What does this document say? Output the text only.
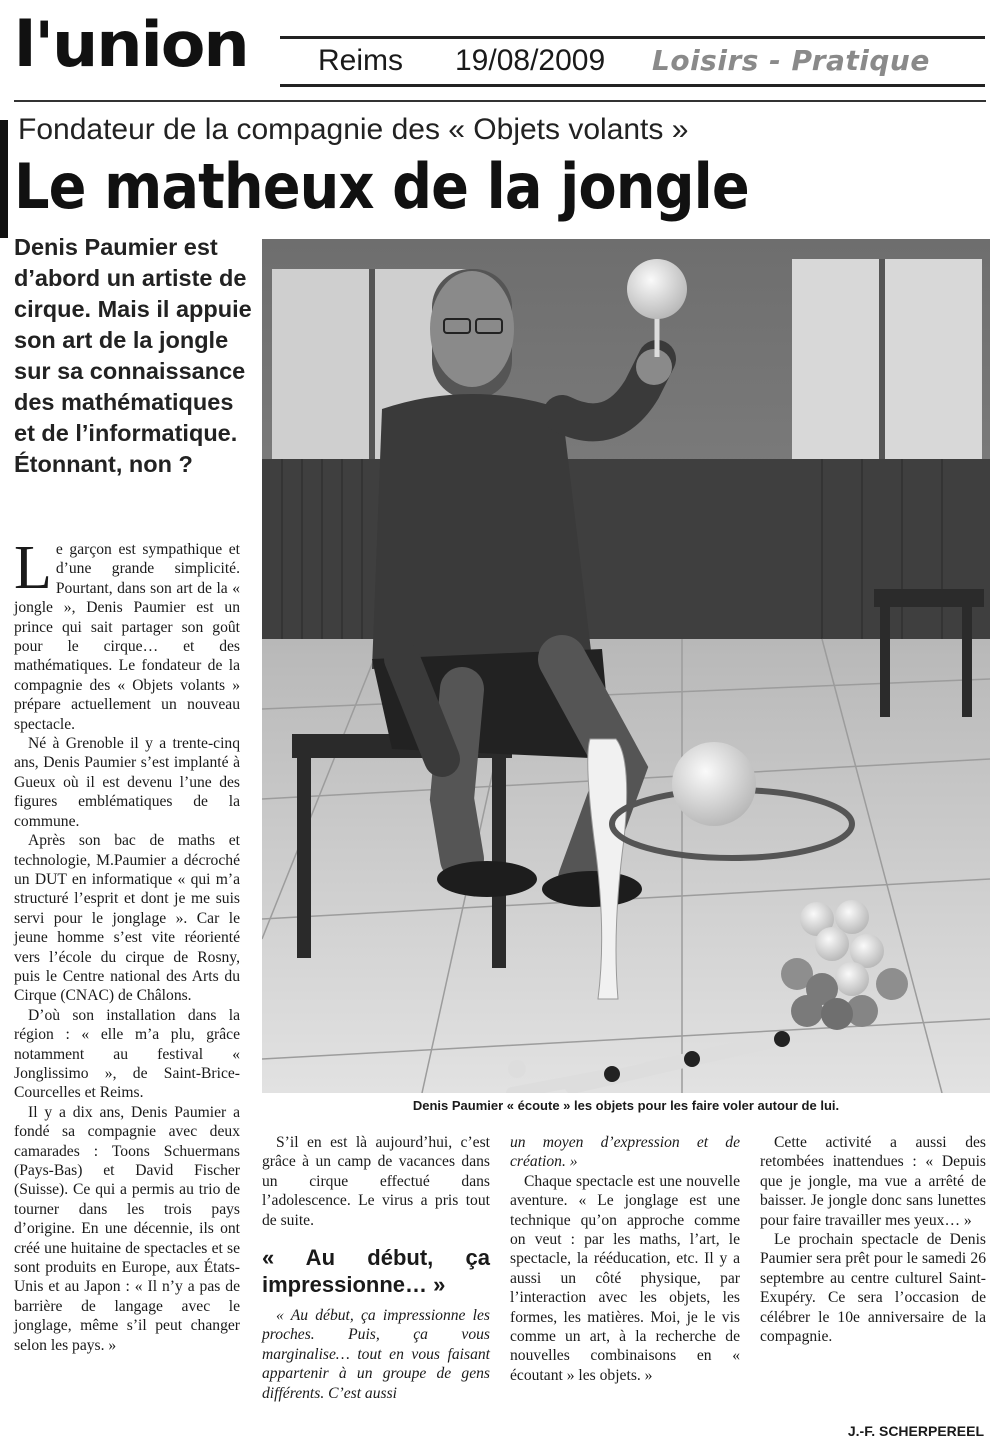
l'union Reims 19/08/2009 Loisirs - Pratique
Fondateur de la compagnie des « Objets volants »
Le matheux de la jongle

Denis Paumier est d’abord un artiste de cirque. Mais il appuie son art de la jongle sur sa connaissance des mathématiques et de l’informatique. Étonnant, non ?

Denis Paumier « écoute » les objets pour les faire voler autour de lui.

Le garçon est sympathique et d’une grande simplicité. Pourtant, dans son art de la « jongle », Denis Paumier est un prince qui sait partager son goût pour le cirque… et des mathématiques. Le fondateur de la compagnie des « Objets volants » prépare actuellement un nouveau spectacle.

Né à Grenoble il y a trente-cinq ans, Denis Paumier s’est implanté à Gueux où il est devenu l’une des figures emblématiques de la commune.

Après son bac de maths et technologie, M.Paumier a décroché un DUT en informatique « qui m’a structuré l’esprit et dont je me suis servi pour le jonglage ». Car le jeune homme s’est vite réorienté vers l’école du cirque de Rosny, puis le Centre national des Arts du Cirque (CNAC) de Châlons.

D’où son installation dans la région : « elle m’a plu, grâce notamment au festival « Jonglissimo », de Saint-Brice-Courcelles et Reims.

Il y a dix ans, Denis Paumier a fondé sa compagnie avec deux camarades : Toons Schuermans (Pays-Bas) et David Fischer (Suisse). Ce qui a permis au trio de tourner dans les trois pays d’origine. En une décennie, ils ont créé une huitaine de spectacles et se sont produits en Europe, aux États-Unis et au Japon : « Il n’y a pas de barrière de langage avec le jonglage, même s’il peut changer selon les pays. »

S’il en est là aujourd’hui, c’est grâce à un camp de vacances dans un cirque effectué dans l’adolescence. Le virus a pris tout de suite.

« Au début, ça impressionne… »

« Au début, ça impressionne les proches. Puis, ça vous marginalise… tout en vous faisant appartenir à un groupe de gens différents. C’est aussi

un moyen d’expression et de création. »

Chaque spectacle est une nouvelle aventure. « Le jonglage est une technique qu’on approche comme on veut : par les maths, l’art, le spectacle, la rééducation, etc. Il y a aussi un côté physique, par l’interaction avec les objets, les formes, les matières. Moi, je le vis comme un art, à la recherche de nouvelles combinaisons en « écoutant » les objets. »

Cette activité a aussi des retombées inattendues : « Depuis que je jongle, ma vue a arrêté de baisser. Je jongle donc sans lunettes pour faire travailler mes yeux… »

Le prochain spectacle de Denis Paumier sera prêt pour le samedi 26 septembre au centre culturel Saint-Exupéry. Ce sera l’occasion de célébrer le 10e anniversaire de la compagnie.

J.-F. SCHERPEREEL
